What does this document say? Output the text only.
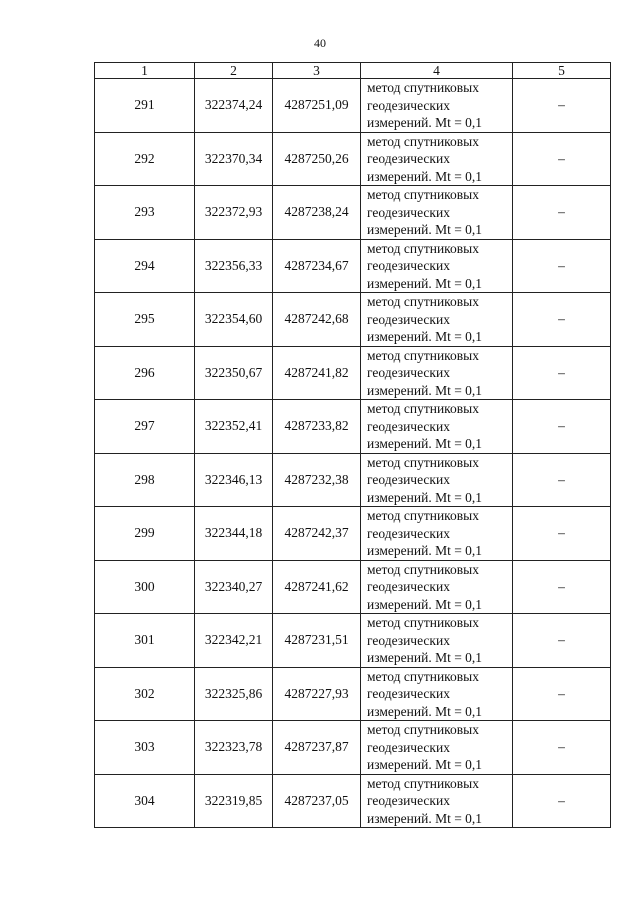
40
1	2	3	4	5
291	322374,24	4287251,09	метод спутниковых
геодезических
измерений. Mt = 0,1	–
292	322370,34	4287250,26	метод спутниковых
геодезических
измерений. Mt = 0,1	–
293	322372,93	4287238,24	метод спутниковых
геодезических
измерений. Mt = 0,1	–
294	322356,33	4287234,67	метод спутниковых
геодезических
измерений. Mt = 0,1	–
295	322354,60	4287242,68	метод спутниковых
геодезических
измерений. Mt = 0,1	–
296	322350,67	4287241,82	метод спутниковых
геодезических
измерений. Mt = 0,1	–
297	322352,41	4287233,82	метод спутниковых
геодезических
измерений. Mt = 0,1	–
298	322346,13	4287232,38	метод спутниковых
геодезических
измерений. Mt = 0,1	–
299	322344,18	4287242,37	метод спутниковых
геодезических
измерений. Mt = 0,1	–
300	322340,27	4287241,62	метод спутниковых
геодезических
измерений. Mt = 0,1	–
301	322342,21	4287231,51	метод спутниковых
геодезических
измерений. Mt = 0,1	–
302	322325,86	4287227,93	метод спутниковых
геодезических
измерений. Mt = 0,1	–
303	322323,78	4287237,87	метод спутниковых
геодезических
измерений. Mt = 0,1	–
304	322319,85	4287237,05	метод спутниковых
геодезических
измерений. Mt = 0,1	–
